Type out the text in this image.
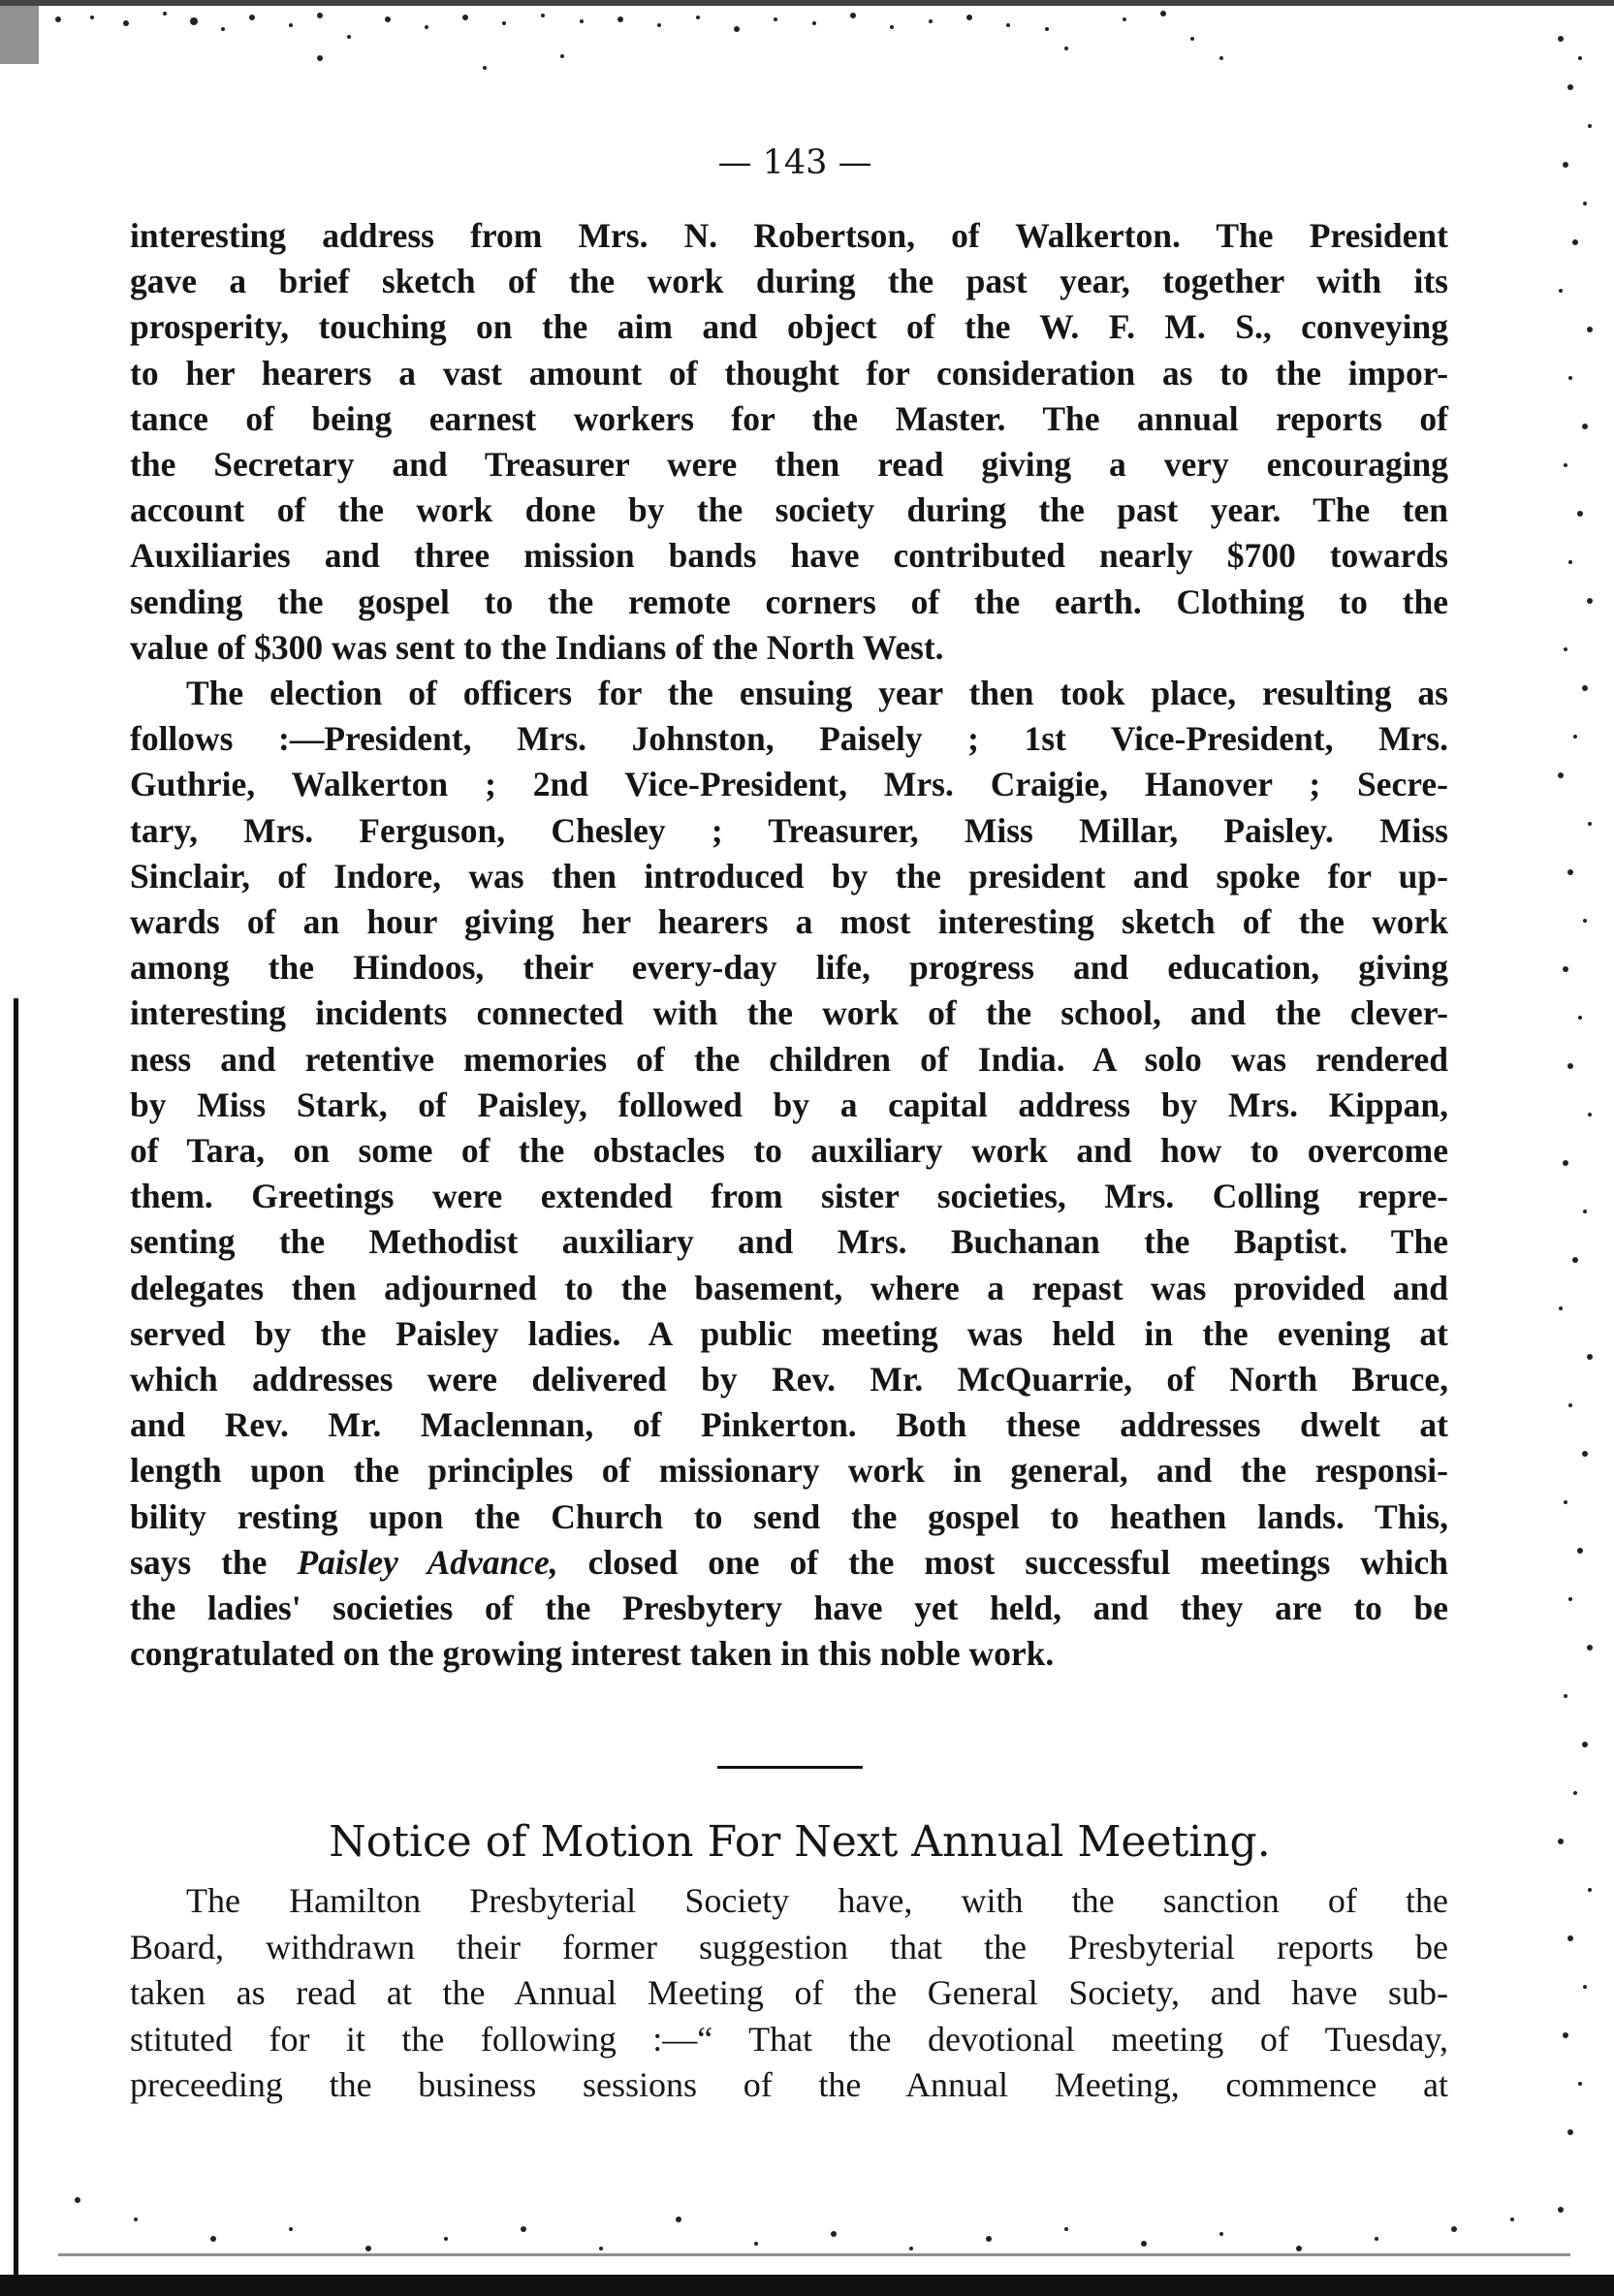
— 143 —
interesting address from Mrs. N. Robertson, of Walkerton. The President
gave a brief sketch of the work during the past year, together with its
prosperity, touching on the aim and object of the W. F. M. S., conveying
to her hearers a vast amount of thought for consideration as to the impor-
tance of being earnest workers for the Master. The annual reports of
the Secretary and Treasurer were then read giving a very encouraging
account of the work done by the society during the past year. The ten
Auxiliaries and three mission bands have contributed nearly $700 towards
sending the gospel to the remote corners of the earth. Clothing to the
value of $300 was sent to the Indians of the North West.
The election of officers for the ensuing year then took place, resulting as
follows :—President, Mrs. Johnston, Paisely ; 1st Vice-President, Mrs.
Guthrie, Walkerton ; 2nd Vice-President, Mrs. Craigie, Hanover ; Secre-
tary, Mrs. Ferguson, Chesley ; Treasurer, Miss Millar, Paisley. Miss
Sinclair, of Indore, was then introduced by the president and spoke for up-
wards of an hour giving her hearers a most interesting sketch of the work
among the Hindoos, their every-day life, progress and education, giving
interesting incidents connected with the work of the school, and the clever-
ness and retentive memories of the children of India. A solo was rendered
by Miss Stark, of Paisley, followed by a capital address by Mrs. Kippan,
of Tara, on some of the obstacles to auxiliary work and how to overcome
them. Greetings were extended from sister societies, Mrs. Colling repre-
senting the Methodist auxiliary and Mrs. Buchanan the Baptist. The
delegates then adjourned to the basement, where a repast was provided and
served by the Paisley ladies. A public meeting was held in the evening at
which addresses were delivered by Rev. Mr. McQuarrie, of North Bruce,
and Rev. Mr. Maclennan, of Pinkerton. Both these addresses dwelt at
length upon the principles of missionary work in general, and the responsi-
bility resting upon the Church to send the gospel to heathen lands. This,
says the Paisley Advance, closed one of the most successful meetings which
the ladies' societies of the Presbytery have yet held, and they are to be
congratulated on the growing interest taken in this noble work.
Notice of Motion For Next Annual Meeting.
The Hamilton Presbyterial Society have, with the sanction of the
Board, withdrawn their former suggestion that the Presbyterial reports be
taken as read at the Annual Meeting of the General Society, and have sub-
stituted for it the following :—“ That the devotional meeting of Tuesday,
preceeding the business sessions of the Annual Meeting, commence at
